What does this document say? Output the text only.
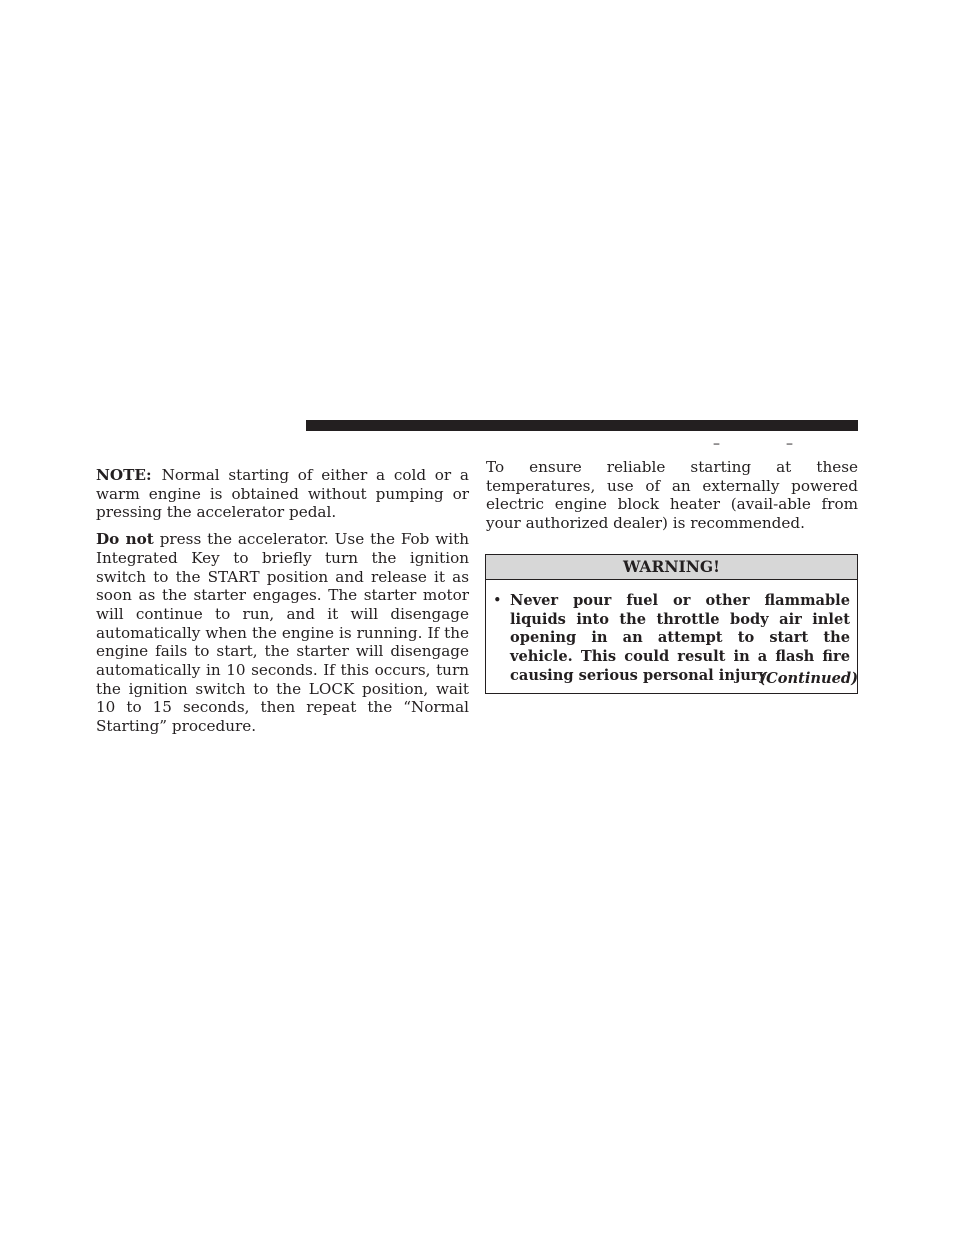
–	–

NOTE: Normal starting of either a cold or a warm engine is obtained without pumping or pressing the accelerator pedal.

Do not press the accelerator. Use the Fob with Integrated Key to briefly turn the ignition switch to the START position and release it as soon as the starter engages. The starter motor will continue to run, and it will disengage automatically when the engine is running. If the engine fails to start, the starter will disengage automatically in 10 seconds. If this occurs, turn the ignition switch to the LOCK position, wait 10 to 15 seconds, then repeat the “Normal Starting” procedure.

To ensure reliable starting at these temperatures, use of an externally powered electric engine block heater (avail-able from your authorized dealer) is recommended.

WARNING!
• Never pour fuel or other flammable liquids into the throttle body air inlet opening in an attempt to start the vehicle. This could result in a flash fire causing serious personal injury.
(Continued)
